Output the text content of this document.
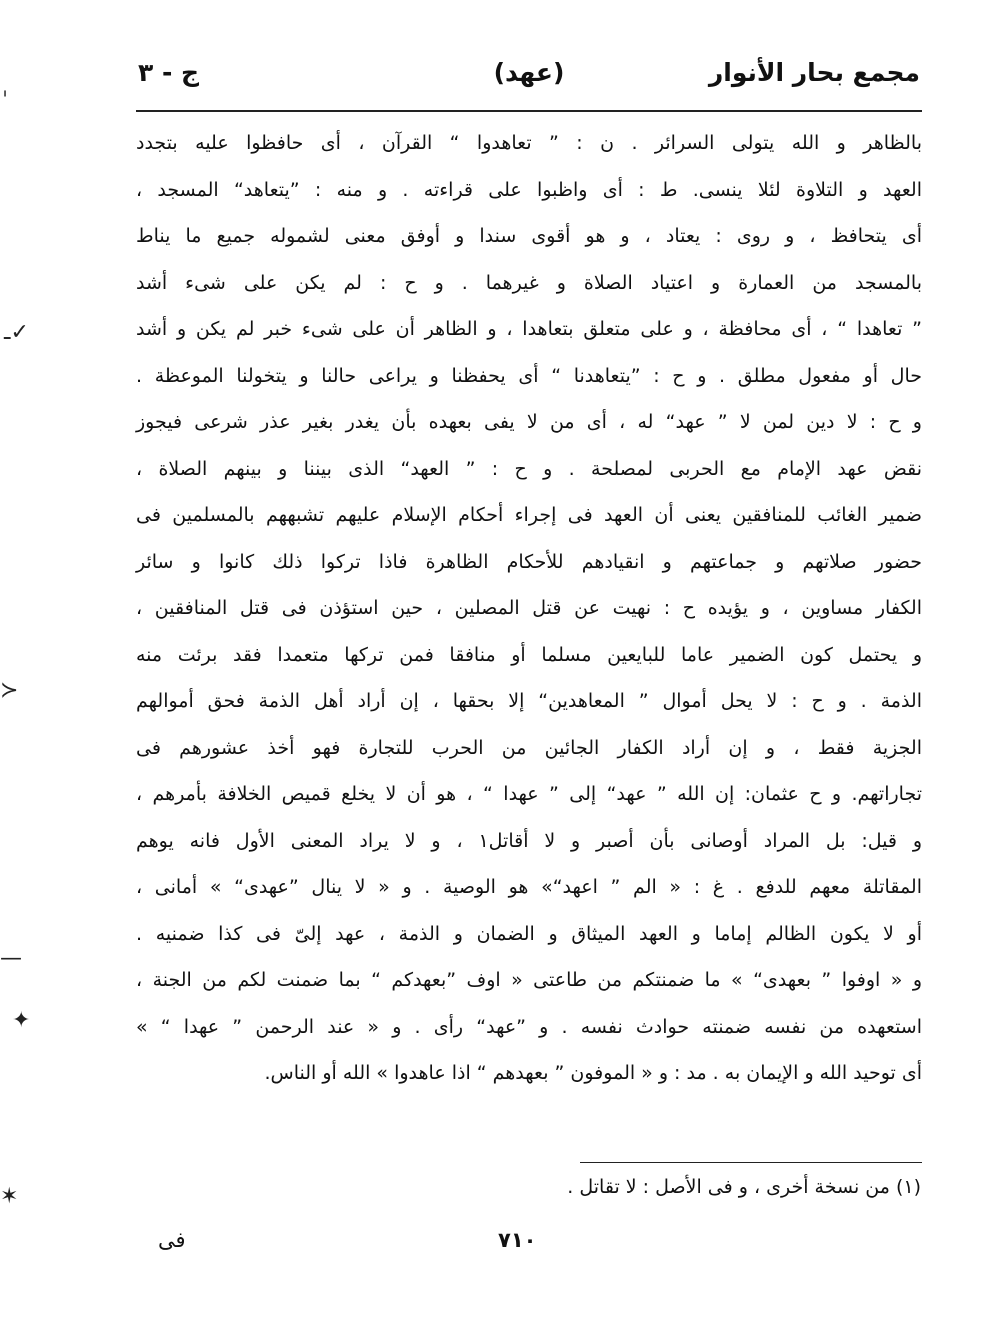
مجمع بحار الأنوار
(عهد)
ج - ٣
بالظاهر و الله يتولى السرائر . ن : ” تعاهدوا “ القرآن ، أى حافظوا عليه بتجدد
العهد و التلاوة لئلا ينسى. ط : أى واظبوا على قراءته . و منه : ”يتعاهد“ المسجد ،
أى يتحافظ ، و روى : يعتاد ، و هو أقوى سندا و أوفق معنى لشموله جميع ما يناط
بالمسجد من العمارة و اعتياد الصلاة و غيرهما . و ح : لم يكن على شىء أشد
” تعاهدا “ ، أى محافظة ، و على متعلق بتعاهدا ، و الظاهر أن على شىء خبر لم يكن و أشد
حال أو مفعول مطلق . و ح : ”يتعاهدنا “ أى يحفظنا و يراعى حالنا و يتخولنا الموعظة .
و ح : لا دين لمن لا ” عهد“ له ، أى من لا يفى بعهده بأن يغدر بغير عذر شرعى فيجوز
نقض عهد الإمام مع الحربى لمصلحة . و ح : ” العهد“ الذى بيننا و بينهم الصلاة ،
ضمير الغائب للمنافقين يعنى أن العهد فى إجراء أحكام الإسلام عليهم تشبههم بالمسلمين فى
حضور صلاتهم و جماعتهم و انقيادهم للأحكام الظاهرة فاذا تركوا ذلك كانوا و سائر
الكفار مساوين ، و يؤيده ح : نهيت عن قتل المصلين ، حين استؤذن فى قتل المنافقين ،
و يحتمل كون الضمير عاما للبايعين مسلما أو منافقا فمن تركها متعمدا فقد برئت منه
الذمة . و ح : لا يحل أموال ” المعاهدين“ إلا بحقها ، إن أراد أهل الذمة فحق أموالهم
الجزية فقط ، و إن أراد الكفار الجائين من الحرب للتجارة فهو أخذ عشورهم فى
تجاراتهم. و ح عثمان: إن الله ” عهد“ إلى ” عهدا “ ، هو أن لا يخلع قميص الخلافة بأمرهم ،
و قيل: بل المراد أوصانى بأن أصبر و لا أقاتل١ ، و لا يراد المعنى الأول فانه يوهم
المقاتلة معهم للدفع . غ : « الم ” اعهد“» هو الوصية . و « لا ينال ”عهدى“ » أمانى ،
أو لا يكون الظالم إماما و العهد الميثاق و الضمان و الذمة ، عهد إلىّ فى كذا ضمنيه .
و « اوفوا ” بعهدى“ » ما ضمنتكم من طاعتى « اوف ”بعهدكم “ بما ضمنت لكم من الجنة ،
استعهده من نفسه ضمنته حوادث نفسه . و ”عهد“ رأى . و « عند الرحمن ” عهدا “ »
أى توحيد الله و الإيمان به . مد : و « الموفون ” بعهدهم “ اذا عاهدوا » الله أو الناس.
(١) من نسخة أخرى ، و فى الأصل : لا تقاتل .
٧١٠
فى
ˌ
ـ✓
≻
—
✦
✶
